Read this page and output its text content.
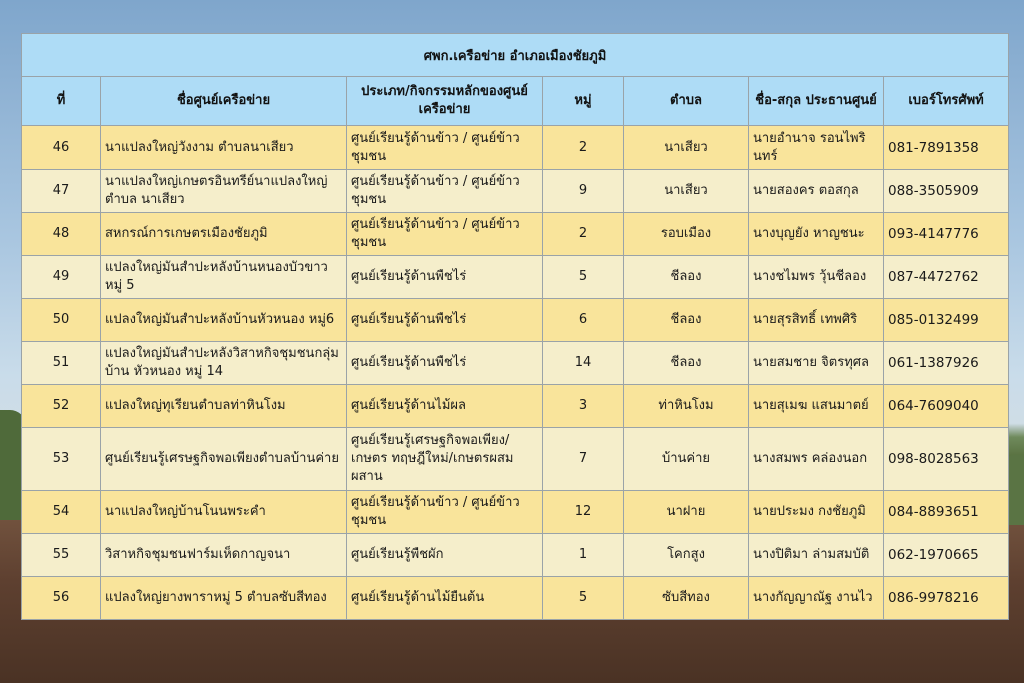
ศพก.เครือข่าย อำเภอเมืองชัยภูมิ						
ที่	ชื่อศูนย์เครือข่าย	ประเภท/กิจกรรมหลักของศูนย์เครือข่าย	หมู่	ตำบล	ชื่อ-สกุล ประธานศูนย์	เบอร์โทรศัพท์
46	นาแปลงใหญ่วังงาม ตำบลนาเสียว	ศูนย์เรียนรู้ด้านข้าว / ศูนย์ข้าวชุมชน	2	นาเสียว	นายอำนาจ รอนไพรินทร์	081-7891358
47	นาแปลงใหญ่เกษตรอินทรีย์นาแปลงใหญ่ตำบล นาเสียว	ศูนย์เรียนรู้ด้านข้าว / ศูนย์ข้าวชุมชน	9	นาเสียว	นายสองคร ตอสกุล	088-3505909
48	สหกรณ์การเกษตรเมืองชัยภูมิ	ศูนย์เรียนรู้ด้านข้าว / ศูนย์ข้าวชุมชน	2	รอบเมือง	นางบุญยัง หาญชนะ	093-4147776
49	แปลงใหญ่มันสำปะหลังบ้านหนองบัวขาวหมู่ 5	ศูนย์เรียนรู้ด้านพืชไร่	5	ชีลอง	นางชไมพร วุ้นชีลอง	087-4472762
50	แปลงใหญ่มันสำปะหลังบ้านหัวหนอง หมู่6	ศูนย์เรียนรู้ด้านพืชไร่	6	ชีลอง	นายสุรสิทธิ์ เทพศิริ	085-0132499
51	แปลงใหญ่มันสำปะหลังวิสาหกิจชุมชนกลุ่มบ้าน หัวหนอง หมู่ 14	ศูนย์เรียนรู้ด้านพืชไร่	14	ชีลอง	นายสมชาย จิตรทุศล	061-1387926
52	แปลงใหญ่ทุเรียนตำบลท่าหินโงม	ศูนย์เรียนรู้ด้านไม้ผล	3	ท่าหินโงม	นายสุเมฆ แสนมาตย์	064-7609040
53	ศูนย์เรียนรู้เศรษฐกิจพอเพียงตำบลบ้านค่าย	ศูนย์เรียนรู้เศรษฐกิจพอเพียง/เกษตร ทฤษฎีใหม่/เกษตรผสมผสาน	7	บ้านค่าย	นางสมพร คล่องนอก	098-8028563
54	นาแปลงใหญ่บ้านโนนพระคำ	ศูนย์เรียนรู้ด้านข้าว / ศูนย์ข้าวชุมชน	12	นาฝาย	นายประมง กงชัยภูมิ	084-8893651
55	วิสาหกิจชุมชนฟาร์มเห็ดกาญจนา	ศูนย์เรียนรู้พืชผัก	1	โคกสูง	นางปิติมา ล่ามสมบัติ	062-1970665
56	แปลงใหญ่ยางพาราหมู่ 5 ตำบลซับสีทอง	ศูนย์เรียนรู้ด้านไม้ยืนต้น	5	ซับสีทอง	นางกัญญาณัฐ งานไว	086-9978216
